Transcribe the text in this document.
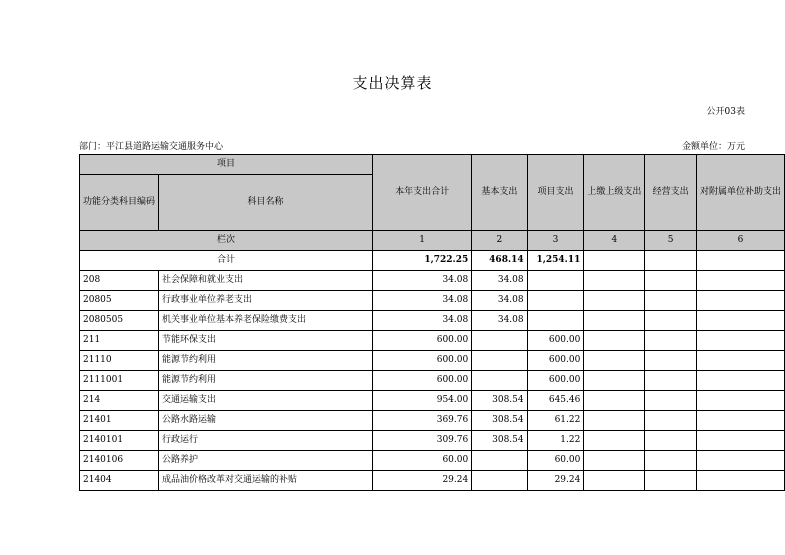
支出决算表
公开03表
部门：平江县道路运输交通服务中心	金额单位：万元
项目		本年支出合计	基本支出	项目支出	上缴上级支出	经营支出	对附属单位补助支出
功能分类科目编码	科目名称						
栏次		1	2	3	4	5	6
合计		1,722.25	468.14	1,254.11			
208	社会保障和就业支出	34.08	34.08				
20805	行政事业单位养老支出	34.08	34.08				
2080505	机关事业单位基本养老保险缴费支出	34.08	34.08				
211	节能环保支出	600.00		600.00			
21110	能源节约利用	600.00		600.00			
2111001	能源节约利用	600.00		600.00			
214	交通运输支出	954.00	308.54	645.46			
21401	公路水路运输	369.76	308.54	61.22			
2140101	行政运行	309.76	308.54	1.22			
2140106	公路养护	60.00		60.00			
21404	成品油价格改革对交通运输的补贴	29.24		29.24			
